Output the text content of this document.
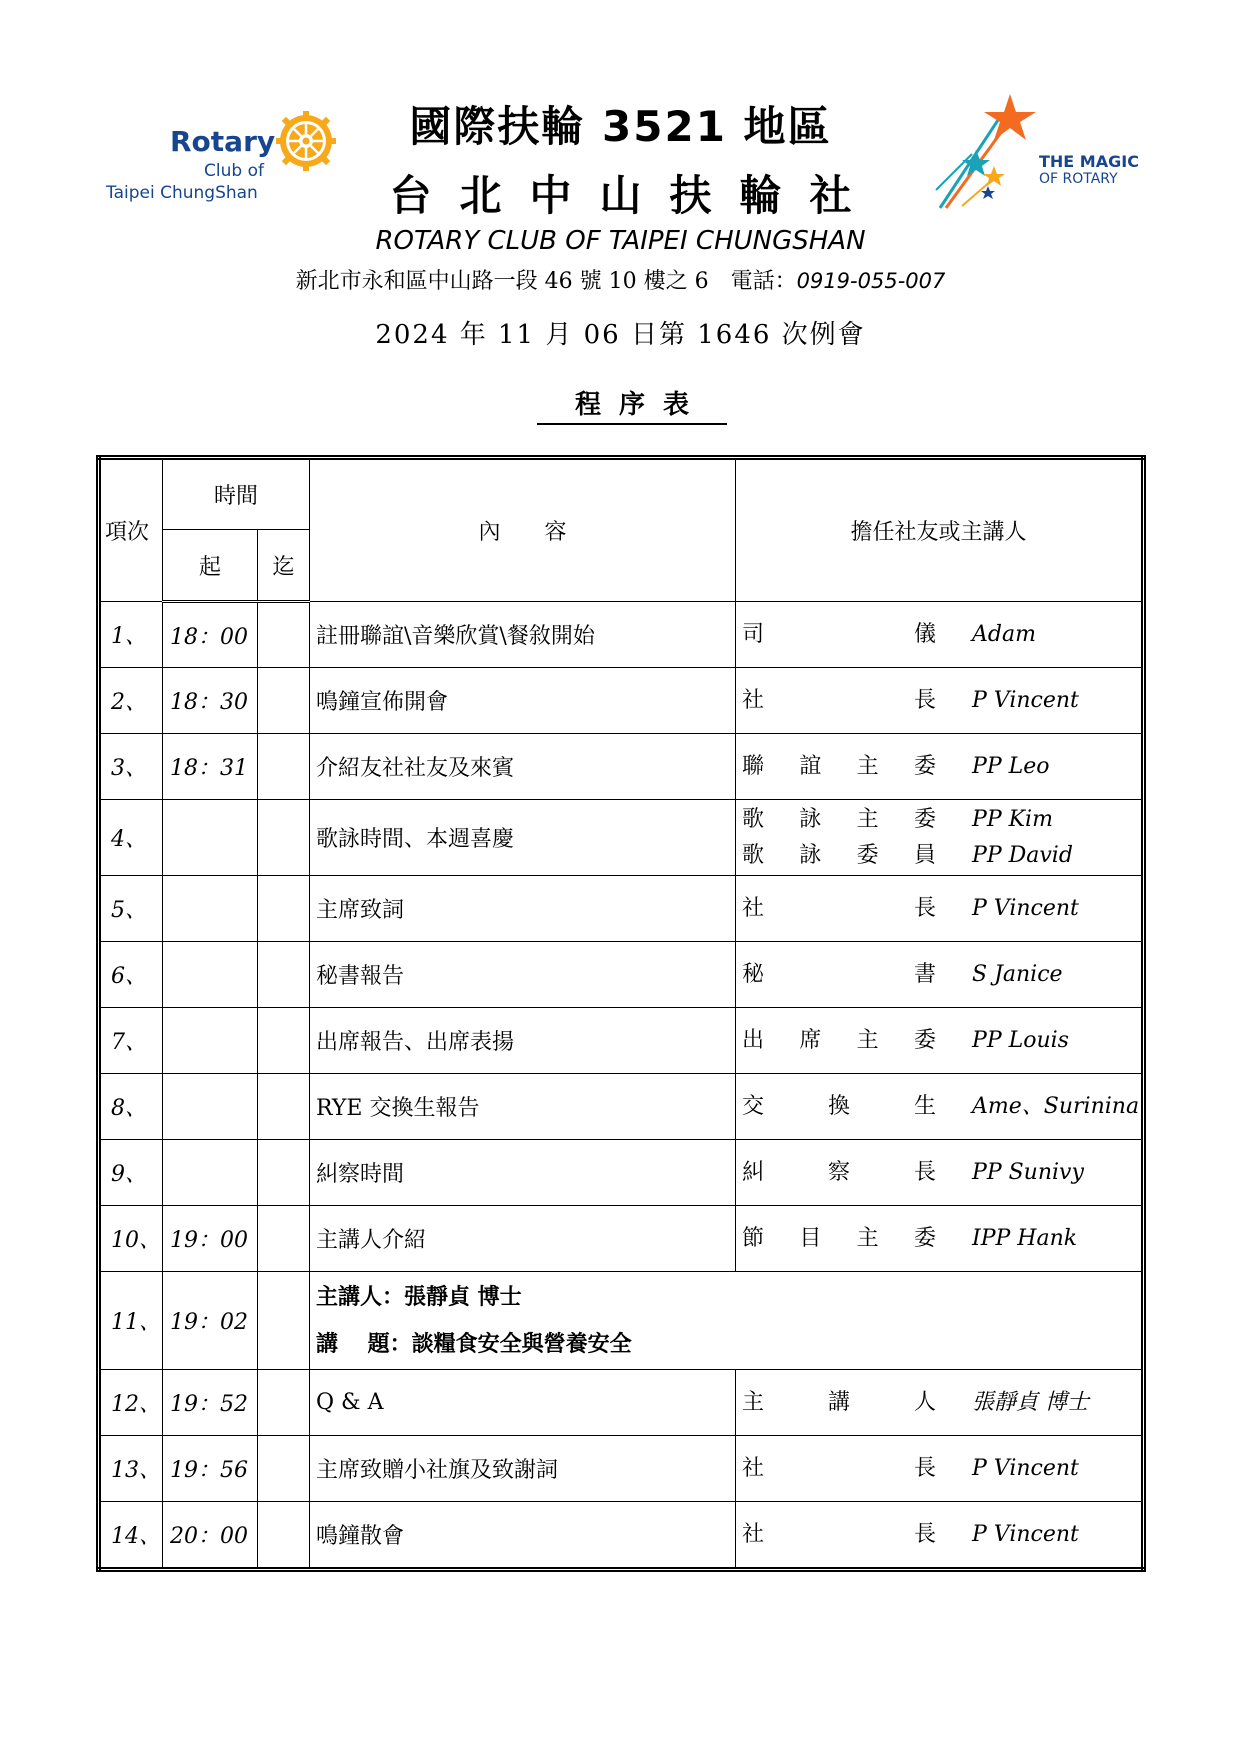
Rotary
Club of
Taipei ChungShan
THE MAGIC
OF ROTARY
國際扶輪 3521 地區
台北中山扶輪社
ROTARY CLUB OF TAIPEI CHUNGSHAN
新北市永和區中山路一段 46 號 10 樓之 6　電話：0919-055-007
2024 年 11 月 06 日第 1646 次例會
程序表
項次	時間		內　　容	擔任社友或主講人
	起	迄		
1、	18：00		註冊聯誼\音樂欣賞\餐敘開始	司儀 Adam

2、	18：30		鳴鐘宣佈開會	社長 P Vincent

3、	18：31		介紹友社社友及來賓	聯誼主委 PP Leo

4、			歌詠時間、本週喜慶	歌詠主委 PP Kim
歌詠委員 PP David

5、			主席致詞	社長 P Vincent

6、			秘書報告	秘書 S Janice

7、			出席報告、出席表揚	出席主委 PP Louis

8、			RYE 交換生報告	交換生 Ame、Surinina

9、			糾察時間	糾察長 PP Sunivy

10、	19：00		主講人介紹	節目主委 IPP Hank

11、	19：02		主講人：張靜貞 博士
講　 題：談糧食安全與營養安全	

12、	19：52		Q & A	主講人 張靜貞 博士

13、	19：56		主席致贈小社旗及致謝詞	社長 P Vincent

14、	20：00		鳴鐘散會	社長 P Vincent
